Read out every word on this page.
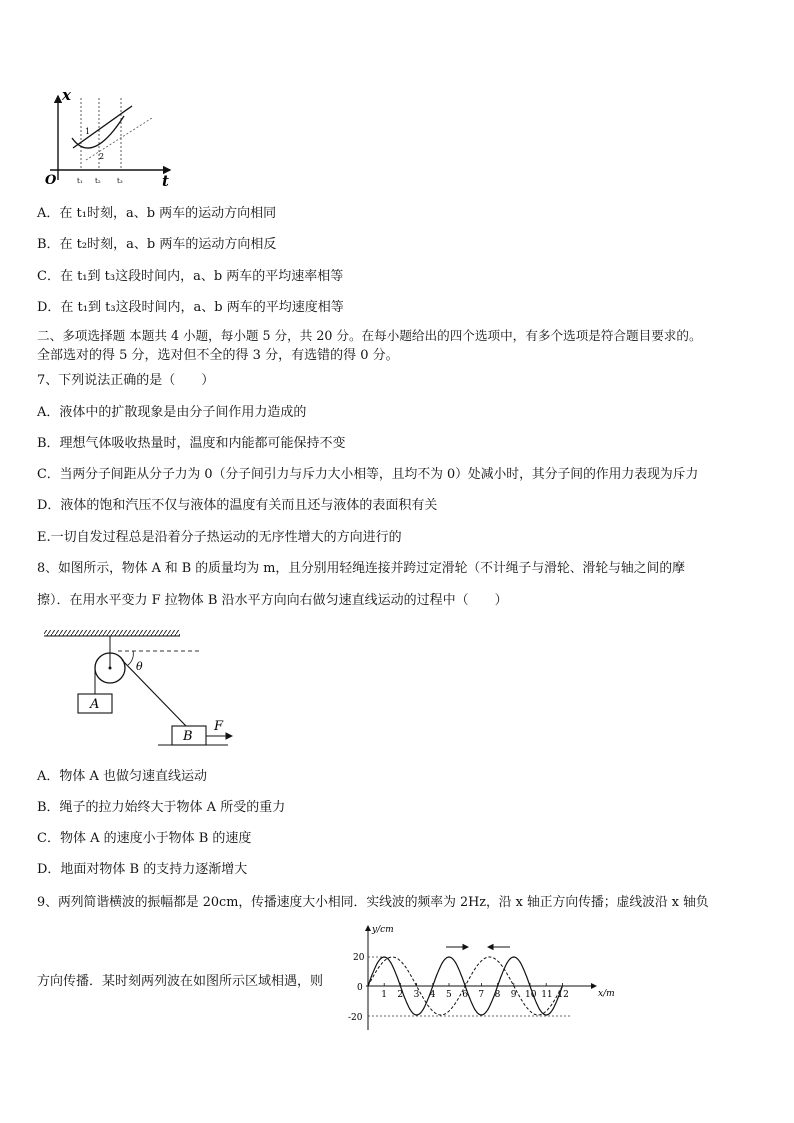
x
t
O	t₁ t₂ t₃
1
2
A．在 t₁时刻，a、b 两车的运动方向相同
B．在 t₂时刻，a、b 两车的运动方向相反
C．在 t₁到 t₃这段时间内，a、b 两车的平均速率相等
D．在 t₁到 t₃这段时间内，a、b 两车的平均速度相等
二、多项选择题 本题共 4 小题，每小题 5 分，共 20 分。在每小题给出的四个选项中，有多个选项是符合题目要求的。
全部选对的得 5 分，选对但不全的得 3 分，有选错的得 0 分。
7、下列说法正确的是（　　）
A．液体中的扩散现象是由分子间作用力造成的
B．理想气体吸收热量时，温度和内能都可能保持不变
C．当两分子间距从分子力为 0（分子间引力与斥力大小相等，且均不为 0）处减小时，其分子间的作用力表现为斥力
D．液体的饱和汽压不仅与液体的温度有关而且还与液体的表面积有关
E.一切自发过程总是沿着分子热运动的无序性增大的方向进行的
8、如图所示，物体 A 和 B 的质量均为 m，且分别用轻绳连接并跨过定滑轮（不计绳子与滑轮、滑轮与轴之间的摩
擦）．在用水平变力 F 拉物体 B 沿水平方向向右做匀速直线运动的过程中（　　）
A
θ
B
F
A．物体 A 也做匀速直线运动
B．绳子的拉力始终大于物体 A 所受的重力
C．物体 A 的速度小于物体 B 的速度
D．地面对物体 B 的支持力逐渐增大
9、两列简谐横波的振幅都是 20cm，传播速度大小相同．实线波的频率为 2Hz，沿 x 轴正方向传播；虚线波沿 x 轴负
方向传播．某时刻两列波在如图所示区域相遇，则
y/cm
x/m
20
0
-20
1 2 3 4 5 6 7 8 9 10 11 12
